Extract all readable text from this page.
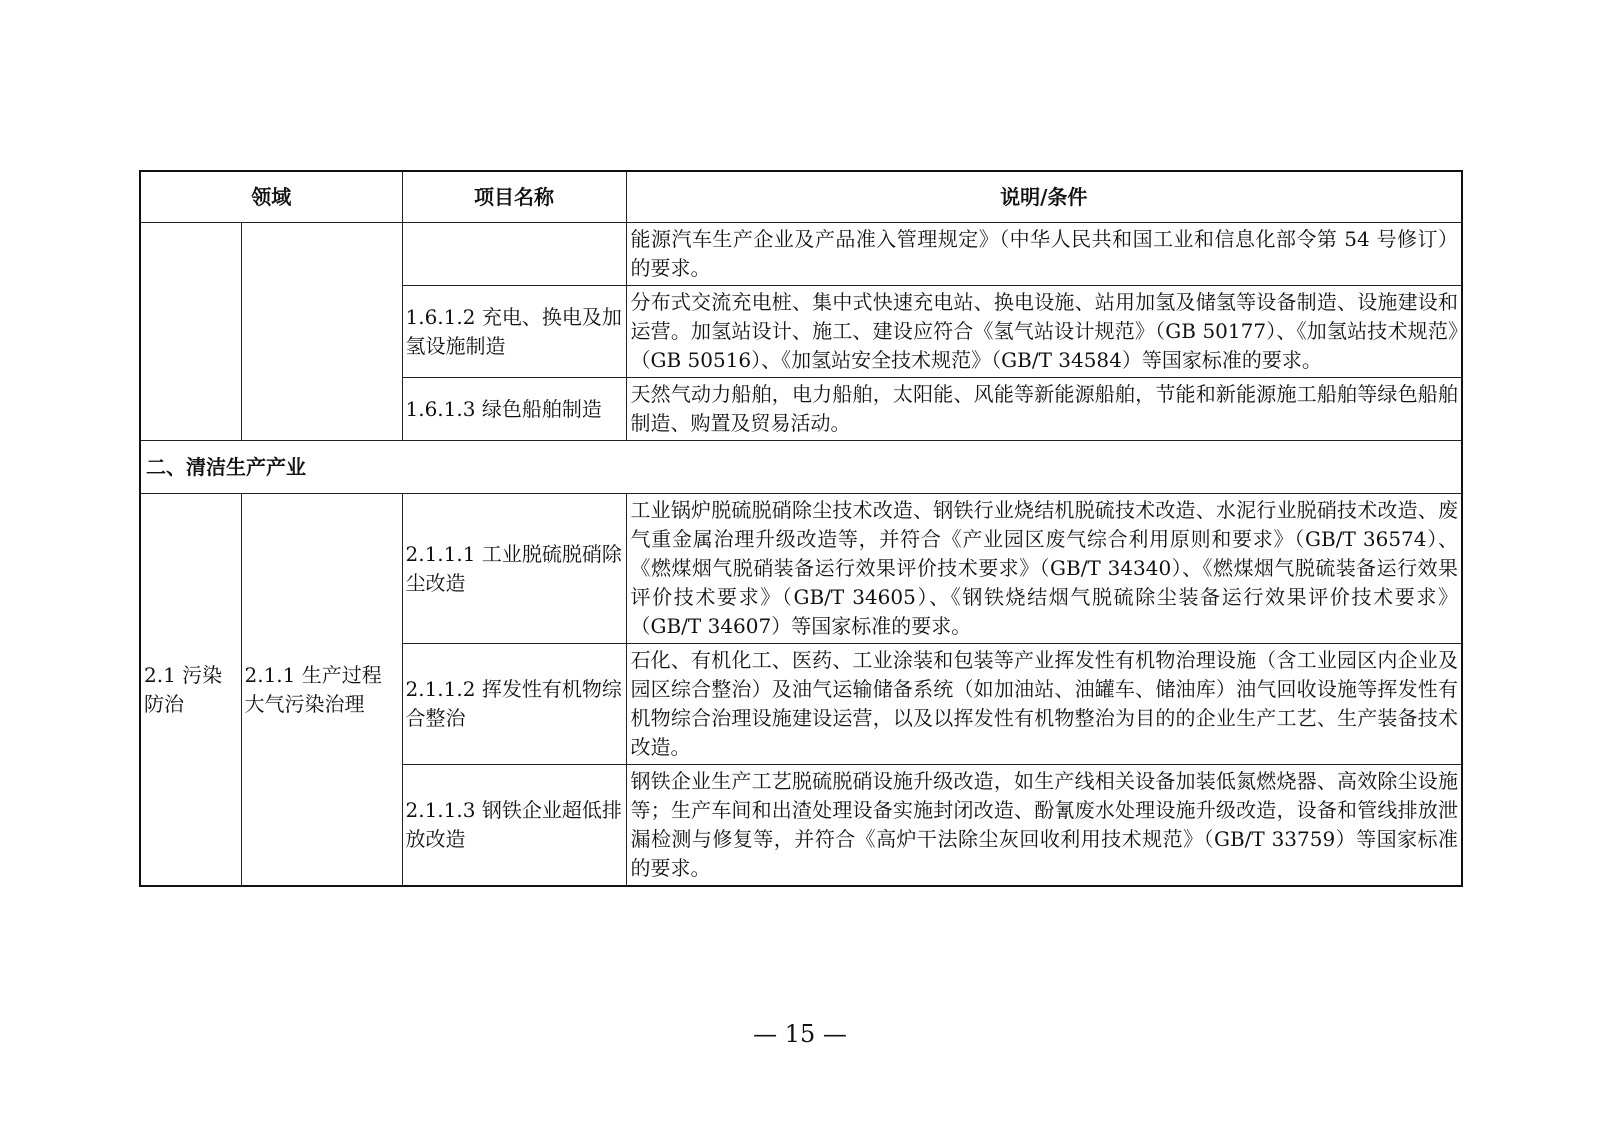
领域		项目名称	说明/条件
			能源汽车生产企业及产品准入管理规定》（中华人民共和国工业和信息化部令第 54 号修订）的要求。
		1.6.1.2 充电、换电及加氢设施制造	分布式交流充电桩、集中式快速充电站、换电设施、站用加氢及储氢等设备制造、设施建设和运营。加氢站设计、施工、建设应符合《氢气站设计规范》（GB 50177）、《加氢站技术规范》（GB 50516）、《加氢站安全技术规范》（GB/T 34584）等国家标准的要求。
		1.6.1.3 绿色船舶制造	天然气动力船舶，电力船舶，太阳能、风能等新能源船舶，节能和新能源施工船舶等绿色船舶制造、购置及贸易活动。
二、清洁生产产业			
2.1 污染防治	2.1.1 生产过程大气污染治理	2.1.1.1 工业脱硫脱硝除尘改造	工业锅炉脱硫脱硝除尘技术改造、钢铁行业烧结机脱硫技术改造、水泥行业脱硝技术改造、废气重金属治理升级改造等，并符合《产业园区废气综合利用原则和要求》（GB/T 36574）、《燃煤烟气脱硝装备运行效果评价技术要求》（GB/T 34340）、《燃煤烟气脱硫装备运行效果评价技术要求》（GB/T 34605）、《钢铁烧结烟气脱硫除尘装备运行效果评价技术要求》（GB/T 34607）等国家标准的要求。
		2.1.1.2 挥发性有机物综合整治	石化、有机化工、医药、工业涂装和包装等产业挥发性有机物治理设施（含工业园区内企业及园区综合整治）及油气运输储备系统（如加油站、油罐车、储油库）油气回收设施等挥发性有机物综合治理设施建设运营，以及以挥发性有机物整治为目的的企业生产工艺、生产装备技术改造。
		2.1.1.3 钢铁企业超低排放改造	钢铁企业生产工艺脱硫脱硝设施升级改造，如生产线相关设备加装低氮燃烧器、高效除尘设施等；生产车间和出渣处理设备实施封闭改造、酚氰废水处理设施升级改造，设备和管线排放泄漏检测与修复等，并符合《高炉干法除尘灰回收利用技术规范》（GB/T 33759）等国家标准的要求。
— 15 —
